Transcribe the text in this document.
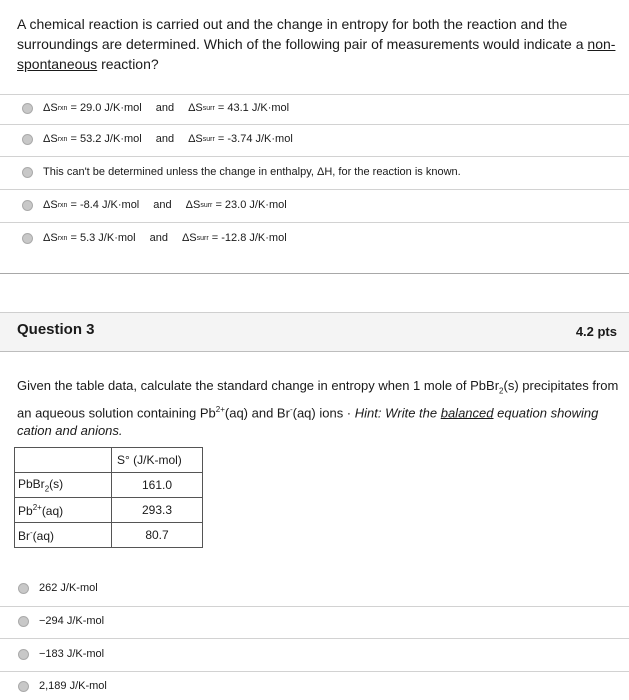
A chemical reaction is carried out and the change in entropy for both the reaction and the surroundings are determined. Which of the following pair of measurements would indicate a non-spontaneous reaction?
ΔS rxn
= 29.0 J/K·mol and ΔS surr
= 43.1 J/K·mol
ΔS rxn
= 53.2 J/K·mol and ΔS surr
= -3.74 J/K·mol
This can't be determined unless the change in enthalpy, ΔH, for the reaction is known.
ΔS rxn
= -8.4 J/K·mol and ΔS surr
= 23.0 J/K·mol
ΔS rxn
= 5.3 J/K·mol and ΔS surr
= -12.8 J/K·mol
Question 3	4.2 pts
Given the table data, calculate the standard change in entropy when 1 mole of PbBr$_2$(s) precipitates from an aqueous solution containing $Pb^{2+}(aq)$ and Br-(aq) ions · Hint: Write the balanced equation showing cation and anions.
	S° (J/K-mol)
PbBr$_2$(s)	161.0
$Pb^{2+}(aq)$	293.3
Br-(aq)	80.7
262 J/K-mol
−294 J/K-mol
−183 J/K-mol
2,189 J/K-mol
